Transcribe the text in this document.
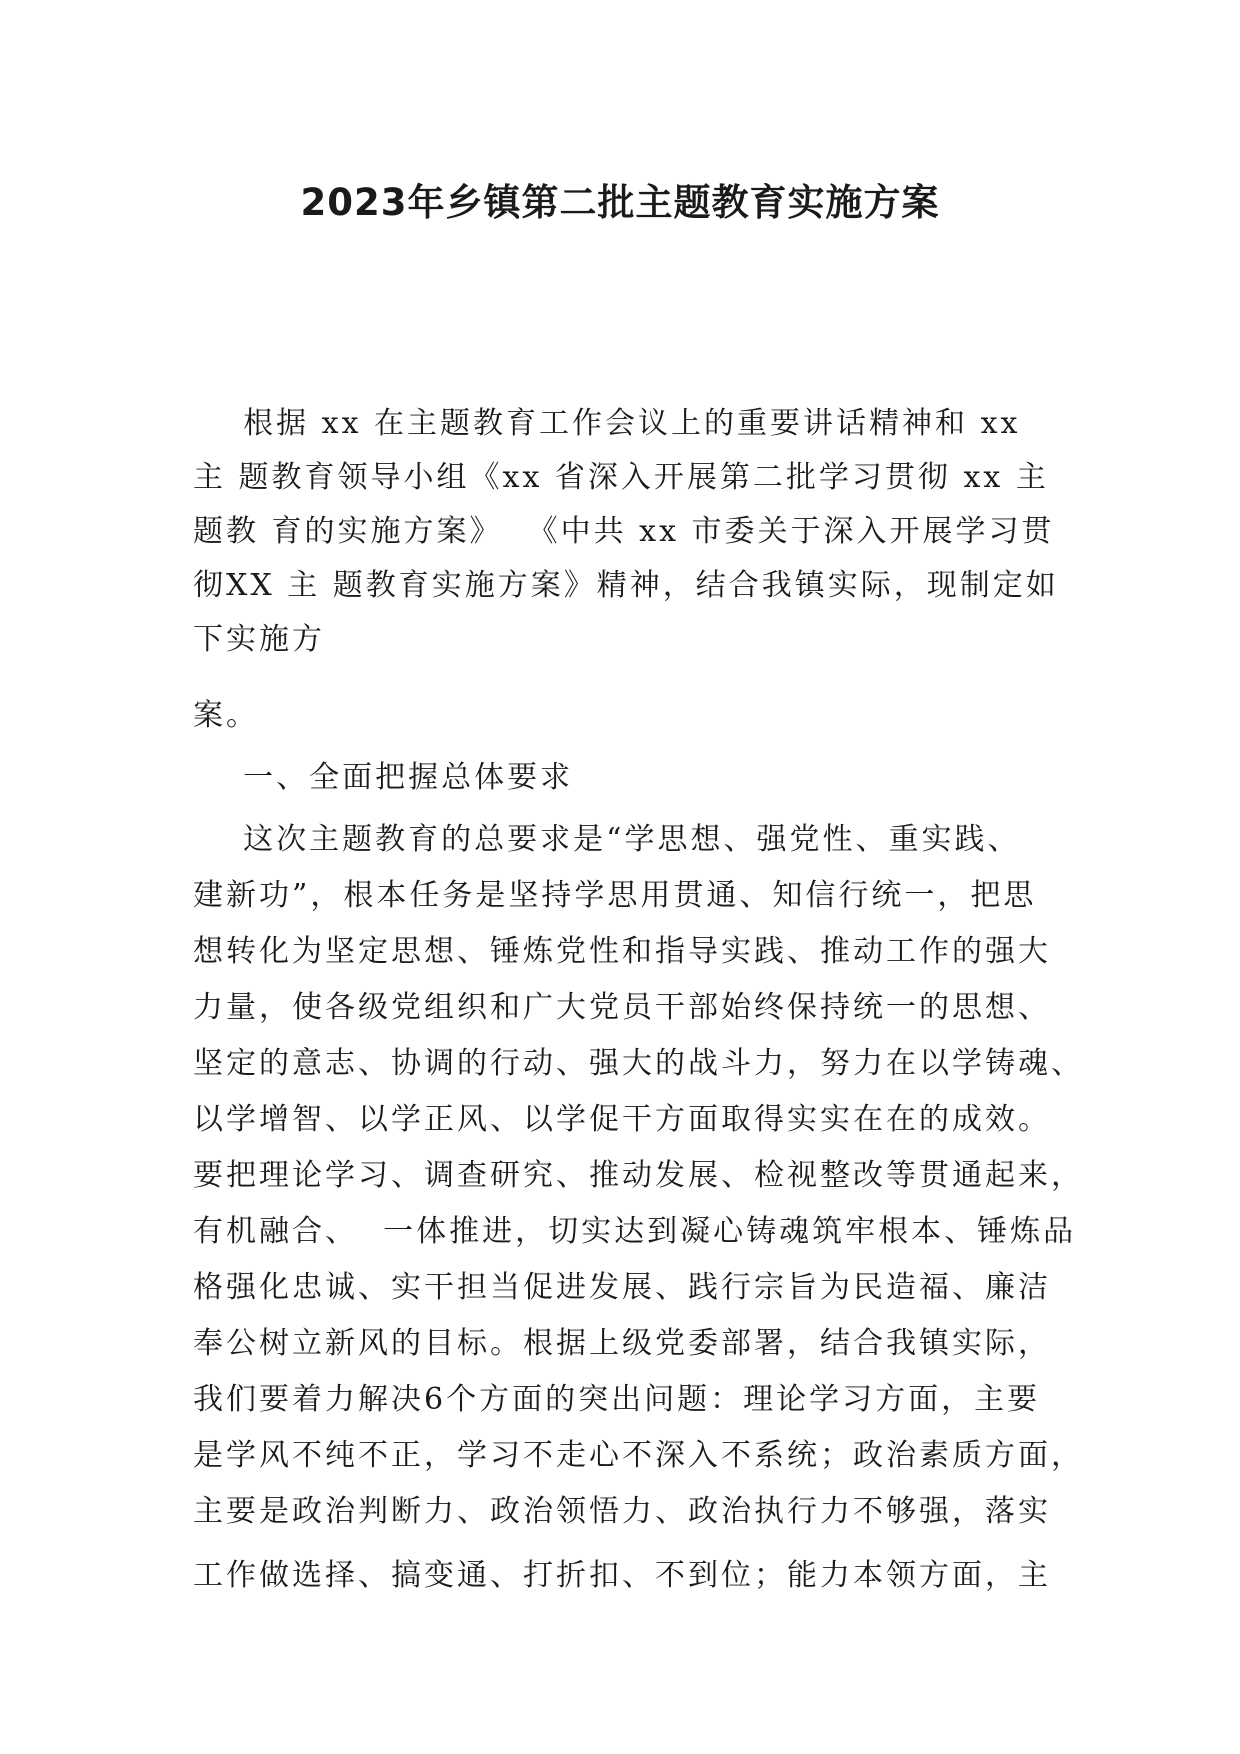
2023年乡镇第二批主题教育实施方案

根据 xx 在主题教育工作会议上的重要讲话精神和 xx

主 题教育领导小组《xx 省深入开展第二批学习贯彻 xx 主

题教 育的实施方案》  《中共 xx 市委关于深入开展学习贯

彻XX 主 题教育实施方案》精神，结合我镇实际，现制定如

下实施方

案。

一、全面把握总体要求

这次主题教育的总要求是“学思想、强党性、重实践、

建新功”，根本任务是坚持学思用贯通、知信行统一，把思

想转化为坚定思想、锤炼党性和指导实践、推动工作的强大

力量，使各级党组织和广大党员干部始终保持统一的思想、

坚定的意志、协调的行动、强大的战斗力，努力在以学铸魂、

以学增智、以学正风、以学促干方面取得实实在在的成效。

要把理论学习、调查研究、推动发展、检视整改等贯通起来，

有机融合、  一体推进，切实达到凝心铸魂筑牢根本、锤炼品

格强化忠诚、实干担当促进发展、践行宗旨为民造福、廉洁

奉公树立新风的目标。根据上级党委部署，结合我镇实际，

我们要着力解决6个方面的突出问题：理论学习方面，主要

是学风不纯不正，学习不走心不深入不系统；政治素质方面，

主要是政治判断力、政治领悟力、政治执行力不够强，落实

工作做选择、搞变通、打折扣、不到位；能力本领方面，主
